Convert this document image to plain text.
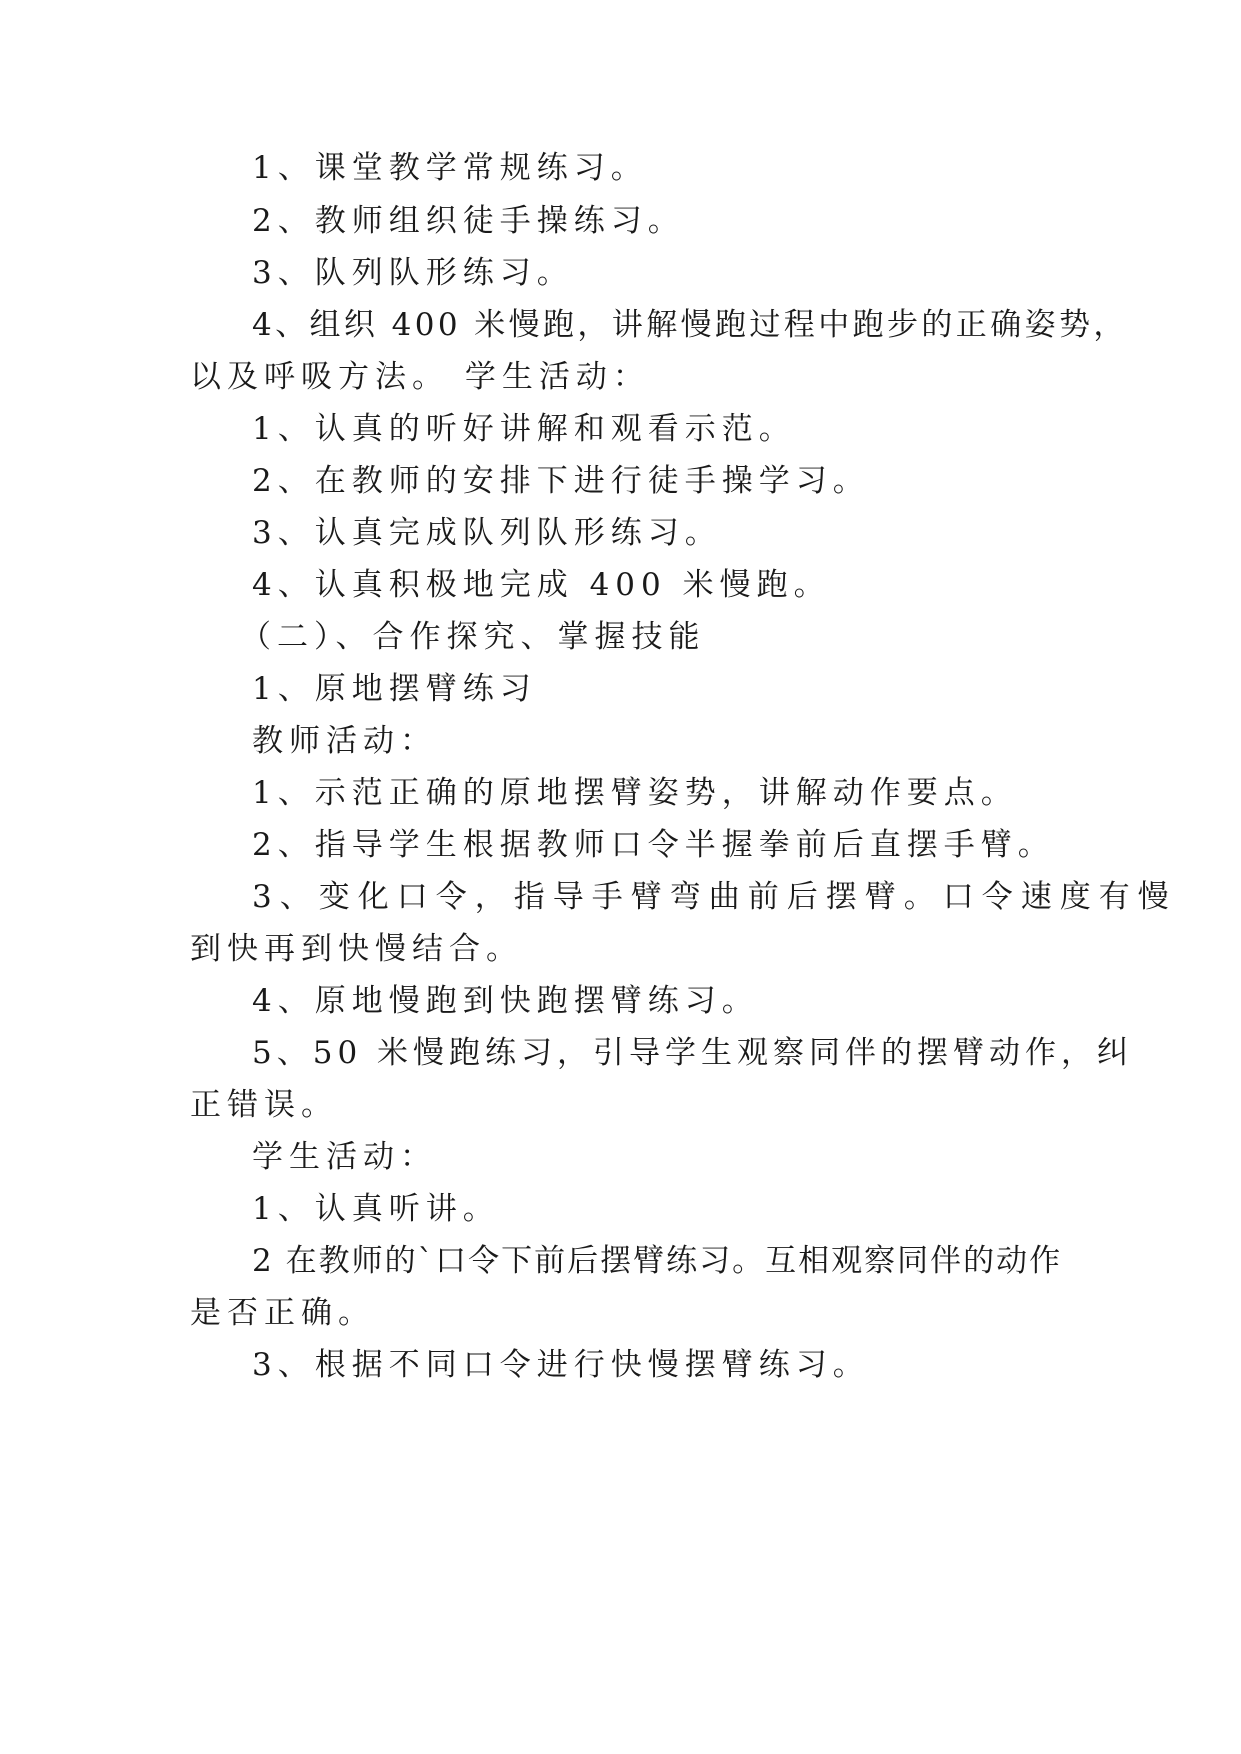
1、课堂教学常规练习。
2、教师组织徒手操练习。
3、队列队形练习。
4、组织 400 米慢跑，讲解慢跑过程中跑步的正确姿势，
以及呼吸方法。 学生活动：
1、认真的听好讲解和观看示范。
2、在教师的安排下进行徒手操学习。
3、认真完成队列队形练习。
4、认真积极地完成 400 米慢跑。
（二）、合作探究、掌握技能
1、原地摆臂练习
教师活动：
1、示范正确的原地摆臂姿势，讲解动作要点。
2、指导学生根据教师口令半握拳前后直摆手臂。
3、变化口令，指导手臂弯曲前后摆臂。口令速度有慢
到快再到快慢结合。
4、原地慢跑到快跑摆臂练习。
5、50 米慢跑练习，引导学生观察同伴的摆臂动作，纠
正错误。
学生活动：
1、认真听讲。
2 在教师的`口令下前后摆臂练习。互相观察同伴的动作
是否正确。
3、根据不同口令进行快慢摆臂练习。
